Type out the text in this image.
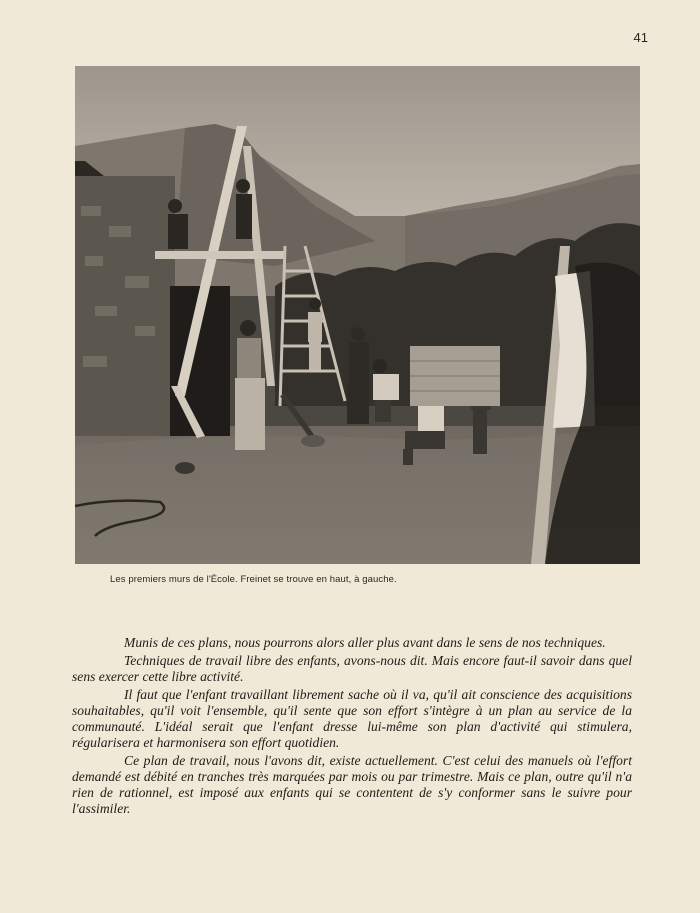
41
Les premiers murs de l'École. Freinet se trouve en haut, à gauche.

Munis de ces plans, nous pourrons alors aller plus avant dans le sens de nos techniques.

Techniques de travail libre des enfants, avons-nous dit. Mais encore faut-il savoir dans quel sens exercer cette libre activité.

Il faut que l'enfant travaillant librement sache où il va, qu'il ait conscience des acquisitions souhaitables, qu'il voit l'ensemble, qu'il sente que son effort s'intègre à un plan au service de la communauté. L'idéal serait que l'enfant dresse lui-même son plan d'activité qui stimulera, régularisera et harmonisera son effort quotidien.

Ce plan de travail, nous l'avons dit, existe actuellement. C'est celui des manuels où l'effort demandé est débité en tranches très marquées par mois ou par trimestre. Mais ce plan, outre qu'il n'a rien de rationnel, est imposé aux enfants qui se contentent de s'y conformer sans le suivre pour l'assimiler.
